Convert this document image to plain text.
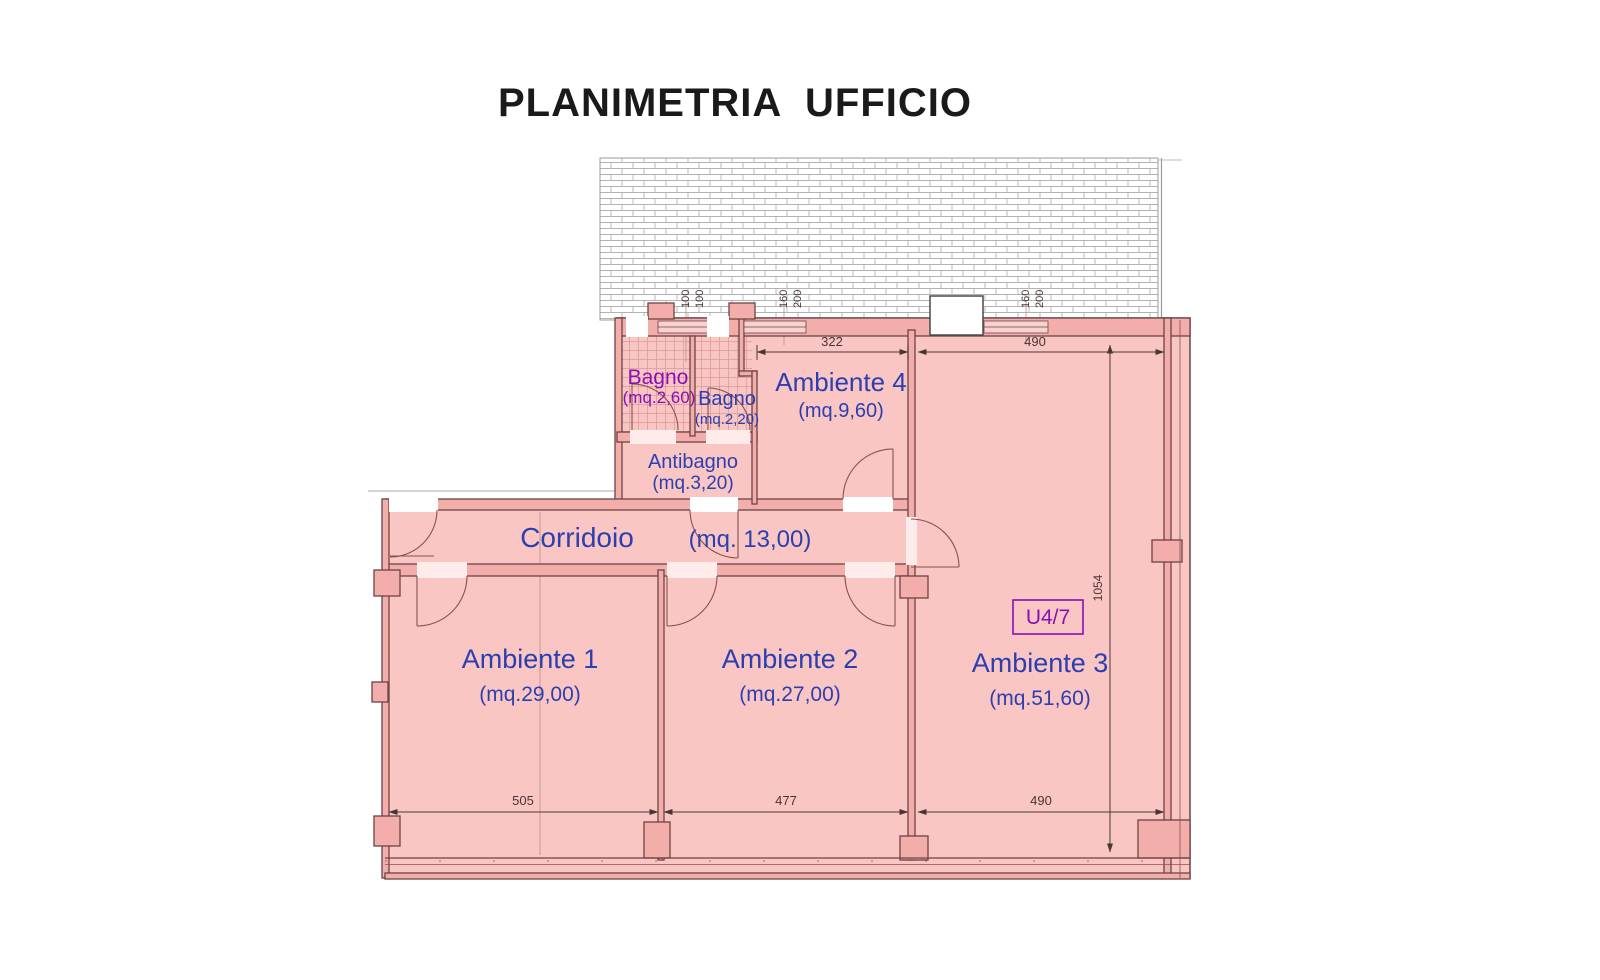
PLANIMETRIA  UFFICIO
322	490
505	477	490
1054
100 100	160 200	160 200
Bagno
(mq.2,60) Bagno
(mq.2,20)
Antibagno
(mq.3,20)
Ambiente 4
(mq.9,60)
Corridoio (mq. 13,00)
Ambiente 1
(mq.29,00)
Ambiente 2
(mq.27,00)
Ambiente 3
(mq.51,60)
U4/7
